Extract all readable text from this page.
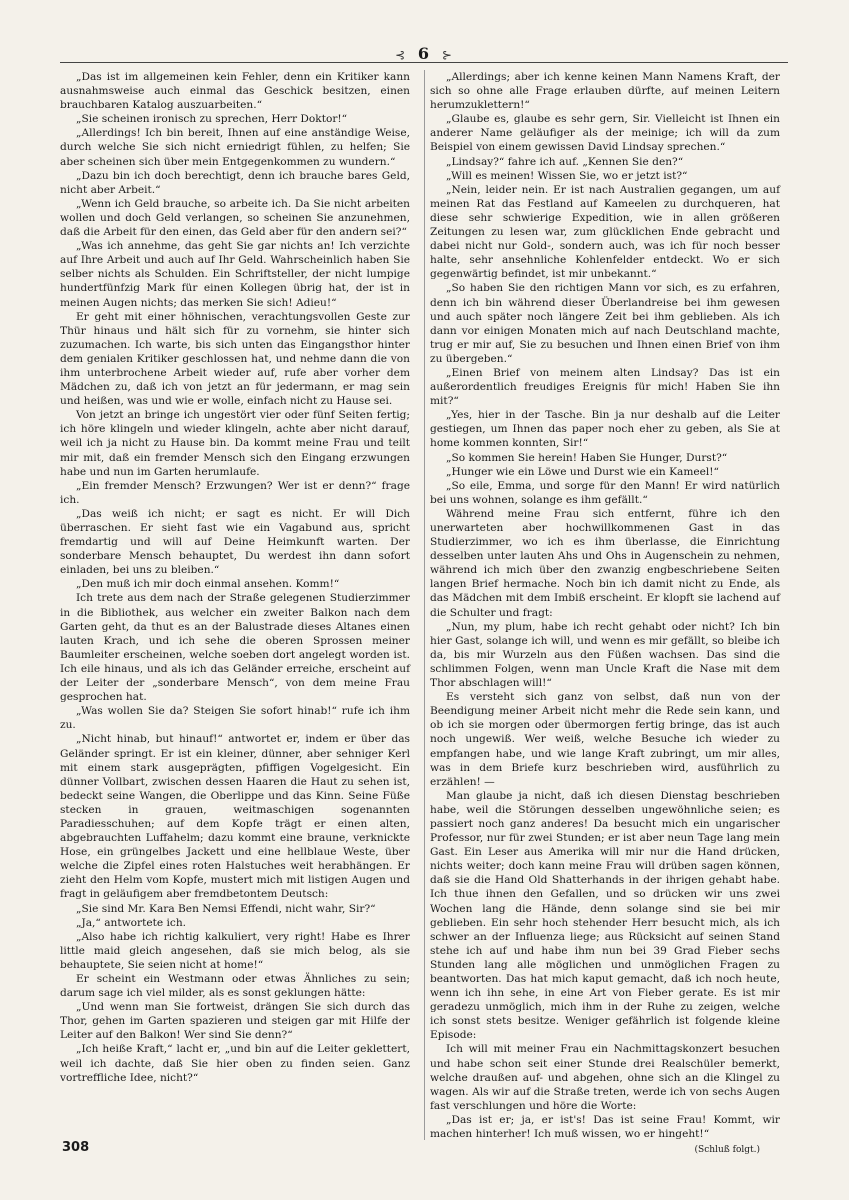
⊰ 6 ⊱

„Das ist im allgemeinen kein Fehler, denn ein Kritiker kann ausnahmsweise auch einmal das Geschick besitzen, einen brauchbaren Katalog auszuarbeiten.“

„Sie scheinen ironisch zu sprechen, Herr Doktor!“

„Allerdings! Ich bin bereit, Ihnen auf eine anständige Weise, durch welche Sie sich nicht erniedrigt fühlen, zu helfen; Sie aber scheinen sich über mein Entgegenkommen zu wundern.“

„Dazu bin ich doch berechtigt, denn ich brauche bares Geld, nicht aber Arbeit.“

„Wenn ich Geld brauche, so arbeite ich. Da Sie nicht arbeiten wollen und doch Geld verlangen, so scheinen Sie anzunehmen, daß die Arbeit für den einen, das Geld aber für den andern sei?“

„Was ich annehme, das geht Sie gar nichts an! Ich verzichte auf Ihre Arbeit und auch auf Ihr Geld. Wahrscheinlich haben Sie selber nichts als Schulden. Ein Schriftsteller, der nicht lumpige hundertfünfzig Mark für einen Kollegen übrig hat, der ist in meinen Augen nichts; das merken Sie sich! Adieu!“

Er geht mit einer höhnischen, verachtungsvollen Geste zur Thür hinaus und hält sich für zu vornehm, sie hinter sich zuzumachen. Ich warte, bis sich unten das Eingangsthor hinter dem genialen Kritiker geschlossen hat, und nehme dann die von ihm unterbrochene Arbeit wieder auf, rufe aber vorher dem Mädchen zu, daß ich von jetzt an für jedermann, er mag sein und heißen, was und wie er wolle, einfach nicht zu Hause sei.

Von jetzt an bringe ich ungestört vier oder fünf Seiten fertig; ich höre klingeln und wieder klingeln, achte aber nicht darauf, weil ich ja nicht zu Hause bin. Da kommt meine Frau und teilt mir mit, daß ein fremder Mensch sich den Eingang erzwungen habe und nun im Garten herumlaufe.

„Ein fremder Mensch? Erzwungen? Wer ist er denn?“ frage ich.

„Das weiß ich nicht; er sagt es nicht. Er will Dich überraschen. Er sieht fast wie ein Vagabund aus, spricht fremdartig und will auf Deine Heimkunft warten. Der sonderbare Mensch behauptet, Du werdest ihn dann sofort einladen, bei uns zu bleiben.“

„Den muß ich mir doch einmal ansehen. Komm!“

Ich trete aus dem nach der Straße gelegenen Studierzimmer in die Bibliothek, aus welcher ein zweiter Balkon nach dem Garten geht, da thut es an der Balustrade dieses Altanes einen lauten Krach, und ich sehe die oberen Sprossen meiner Baumleiter erscheinen, welche soeben dort angelegt worden ist. Ich eile hinaus, und als ich das Geländer erreiche, erscheint auf der Leiter der „sonderbare Mensch“, von dem meine Frau gesprochen hat.

„Was wollen Sie da? Steigen Sie sofort hinab!“ rufe ich ihm zu.

„Nicht hinab, but hinauf!“ antwortet er, indem er über das Geländer springt. Er ist ein kleiner, dünner, aber sehniger Kerl mit einem stark ausgeprägten, pfiffigen Vogelgesicht. Ein dünner Vollbart, zwischen dessen Haaren die Haut zu sehen ist, bedeckt seine Wangen, die Oberlippe und das Kinn. Seine Füße stecken in grauen, weitmaschigen sogenannten Paradiesschuhen; auf dem Kopfe trägt er einen alten, abgebrauchten Luffahelm; dazu kommt eine braune, verknickte Hose, ein grüngelbes Jackett und eine hellblaue Weste, über welche die Zipfel eines roten Halstuches weit herabhängen. Er zieht den Helm vom Kopfe, mustert mich mit listigen Augen und fragt in geläufigem aber fremdbetontem Deutsch:

„Sie sind Mr. Kara Ben Nemsi Effendi, nicht wahr, Sir?“

„Ja,“ antwortete ich.

„Also habe ich richtig kalkuliert, very right! Habe es Ihrer little maid gleich angesehen, daß sie mich belog, als sie behauptete, Sie seien nicht at home!“

Er scheint ein Westmann oder etwas Ähnliches zu sein; darum sage ich viel milder, als es sonst geklungen hätte:

„Und wenn man Sie fortweist, drängen Sie sich durch das Thor, gehen im Garten spazieren und steigen gar mit Hilfe der Leiter auf den Balkon! Wer sind Sie denn?“

„Ich heiße Kraft,“ lacht er, „und bin auf die Leiter geklettert, weil ich dachte, daß Sie hier oben zu finden seien. Ganz vortreffliche Idee, nicht?“

„Allerdings; aber ich kenne keinen Mann Namens Kraft, der sich so ohne alle Frage erlauben dürfte, auf meinen Leitern herumzuklettern!“

„Glaube es, glaube es sehr gern, Sir. Vielleicht ist Ihnen ein anderer Name geläufiger als der meinige; ich will da zum Beispiel von einem gewissen David Lindsay sprechen.“

„Lindsay?“ fahre ich auf. „Kennen Sie den?“

„Will es meinen! Wissen Sie, wo er jetzt ist?“

„Nein, leider nein. Er ist nach Australien gegangen, um auf meinen Rat das Festland auf Kameelen zu durchqueren, hat diese sehr schwierige Expedition, wie in allen größeren Zeitungen zu lesen war, zum glücklichen Ende gebracht und dabei nicht nur Gold-, sondern auch, was ich für noch besser halte, sehr ansehnliche Kohlenfelder entdeckt. Wo er sich gegenwärtig befindet, ist mir unbekannt.“

„So haben Sie den richtigen Mann vor sich, es zu erfahren, denn ich bin während dieser Überlandreise bei ihm gewesen und auch später noch längere Zeit bei ihm geblieben. Als ich dann vor einigen Monaten mich auf nach Deutschland machte, trug er mir auf, Sie zu besuchen und Ihnen einen Brief von ihm zu übergeben.“

„Einen Brief von meinem alten Lindsay? Das ist ein außerordentlich freudiges Ereignis für mich! Haben Sie ihn mit?“

„Yes, hier in der Tasche. Bin ja nur deshalb auf die Leiter gestiegen, um Ihnen das paper noch eher zu geben, als Sie at home kommen konnten, Sir!“

„So kommen Sie herein! Haben Sie Hunger, Durst?“

„Hunger wie ein Löwe und Durst wie ein Kameel!“

„So eile, Emma, und sorge für den Mann! Er wird natürlich bei uns wohnen, solange es ihm gefällt.“

Während meine Frau sich entfernt, führe ich den unerwarteten aber hochwillkommenen Gast in das Studierzimmer, wo ich es ihm überlasse, die Einrichtung desselben unter lauten Ahs und Ohs in Augenschein zu nehmen, während ich mich über den zwanzig engbeschriebene Seiten langen Brief hermache. Noch bin ich damit nicht zu Ende, als das Mädchen mit dem Imbiß erscheint. Er klopft sie lachend auf die Schulter und fragt:

„Nun, my plum, habe ich recht gehabt oder nicht? Ich bin hier Gast, solange ich will, und wenn es mir gefällt, so bleibe ich da, bis mir Wurzeln aus den Füßen wachsen. Das sind die schlimmen Folgen, wenn man Uncle Kraft die Nase mit dem Thor abschlagen will!“

Es versteht sich ganz von selbst, daß nun von der Beendigung meiner Arbeit nicht mehr die Rede sein kann, und ob ich sie morgen oder übermorgen fertig bringe, das ist auch noch ungewiß. Wer weiß, welche Besuche ich wieder zu empfangen habe, und wie lange Kraft zubringt, um mir alles, was in dem Briefe kurz beschrieben wird, ausführlich zu erzählen! —

Man glaube ja nicht, daß ich diesen Dienstag beschrieben habe, weil die Störungen desselben ungewöhnliche seien; es passiert noch ganz anderes! Da besucht mich ein ungarischer Professor, nur für zwei Stunden; er ist aber neun Tage lang mein Gast. Ein Leser aus Amerika will mir nur die Hand drücken, nichts weiter; doch kann meine Frau will drüben sagen können, daß sie die Hand Old Shatterhands in der ihrigen gehabt habe. Ich thue ihnen den Gefallen, und so drücken wir uns zwei Wochen lang die Hände, denn solange sind sie bei mir geblieben. Ein sehr hoch stehender Herr besucht mich, als ich schwer an der Influenza liege; aus Rücksicht auf seinen Stand stehe ich auf und habe ihm nun bei 39 Grad Fieber sechs Stunden lang alle möglichen und unmöglichen Fragen zu beantworten. Das hat mich kaput gemacht, daß ich noch heute, wenn ich ihn sehe, in eine Art von Fieber gerate. Es ist mir geradezu unmöglich, mich ihm in der Ruhe zu zeigen, welche ich sonst stets besitze. Weniger gefährlich ist folgende kleine Episode:

Ich will mit meiner Frau ein Nachmittagskonzert besuchen und habe schon seit einer Stunde drei Realschüler bemerkt, welche draußen auf- und abgehen, ohne sich an die Klingel zu wagen. Als wir auf die Straße treten, werde ich von sechs Augen fast verschlungen und höre die Worte:

„Das ist er; ja, er ist's! Das ist seine Frau! Kommt, wir machen hinterher! Ich muß wissen, wo er hingeht!“

(Schluß folgt.)
308
